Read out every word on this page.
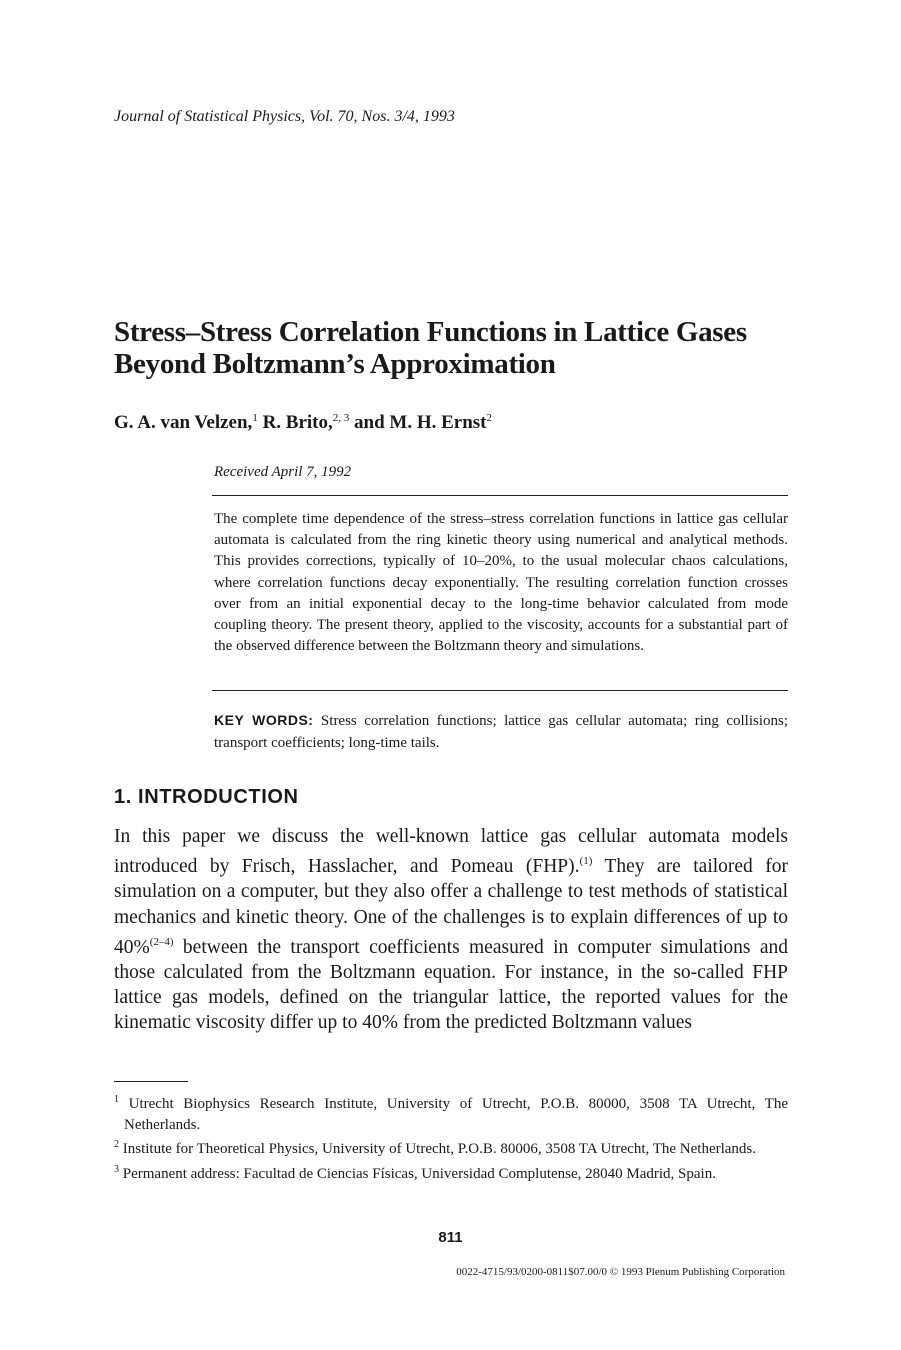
Journal of Statistical Physics, Vol. 70, Nos. 3/4, 1993
Stress–Stress Correlation Functions in Lattice Gases
Beyond Boltzmann’s Approximation
G. A. van Velzen,$^1$ R. Brito,$^{2, 3}$ and M. H. Ernst$^2$
Received April 7, 1992
The complete time dependence of the stress–stress correlation functions in lattice gas cellular automata is calculated from the ring kinetic theory using numerical and analytical methods. This provides corrections, typically of 10–20%, to the usual molecular chaos calculations, where correlation functions decay exponentially. The resulting correlation function crosses over from an initial exponential decay to the long-time behavior calculated from mode coupling theory. The present theory, applied to the viscosity, accounts for a substantial part of the observed difference between the Boltzmann theory and simulations.
KEY WORDS: Stress correlation functions; lattice gas cellular automata; ring collisions; transport coefficients; long-time tails.
1. INTRODUCTION
In this paper we discuss the well-known lattice gas cellular automata models introduced by Frisch, Hasslacher, and Pomeau (FHP).$^{(1)}$ They are tailored for simulation on a computer, but they also offer a challenge to test methods of statistical mechanics and kinetic theory. One of the challenges is to explain differences of up to 40%$^{(2-4)}$ between the transport coefficients measured in computer simulations and those calculated from the Boltzmann equation. For instance, in the so-called FHP lattice gas models, defined on the triangular lattice, the reported values for the kinematic viscosity differ up to 40% from the predicted Boltzmann values

$^1$ Utrecht Biophysics Research Institute, University of Utrecht, P.O.B. 80000, 3508 TA Utrecht, The Netherlands.

$^2$ Institute for Theoretical Physics, University of Utrecht, P.O.B. 80006, 3508 TA Utrecht, The Netherlands.

$^3$ Permanent address: Facultad de Ciencias Físicas, Universidad Complutense, 28040 Madrid, Spain.

811
0022-4715/93/0200-0811$07.00/0 © 1993 Plenum Publishing Corporation
